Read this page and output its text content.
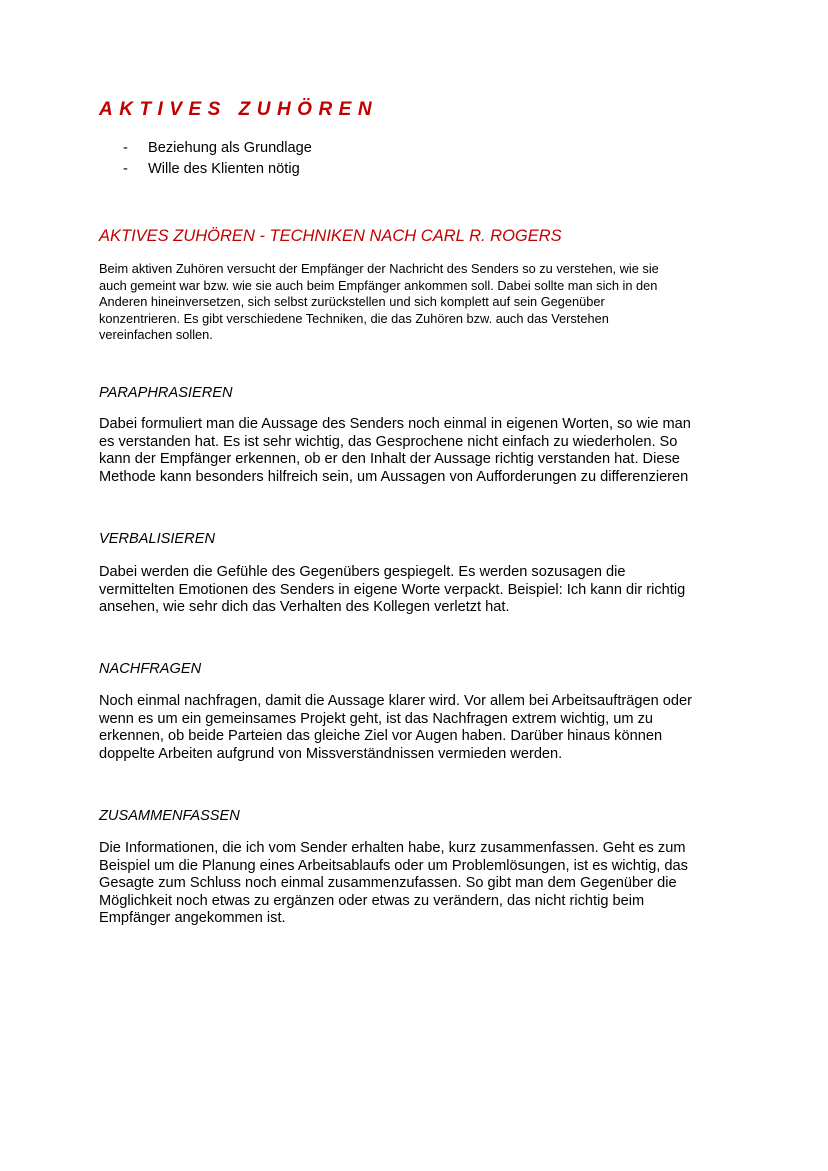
AKTIVES ZUHÖREN
- Beziehung als Grundlage
- Wille des Klienten nötig
AKTIVES ZUHÖREN - TECHNIKEN NACH CARL R. ROGERS

Beim aktiven Zuhören versucht der Empfänger der Nachricht des Senders so zu verstehen, wie sie
auch gemeint war bzw. wie sie auch beim Empfänger ankommen soll. Dabei sollte man sich in den
Anderen hineinversetzen, sich selbst zurückstellen und sich komplett auf sein Gegenüber
konzentrieren. Es gibt verschiedene Techniken, die das Zuhören bzw. auch das Verstehen
vereinfachen sollen.

PARAPHRASIEREN

Dabei formuliert man die Aussage des Senders noch einmal in eigenen Worten, so wie man
es verstanden hat. Es ist sehr wichtig, das Gesprochene nicht einfach zu wiederholen. So
kann der Empfänger erkennen, ob er den Inhalt der Aussage richtig verstanden hat. Diese
Methode kann besonders hilfreich sein, um Aussagen von Aufforderungen zu differenzieren

VERBALISIEREN

Dabei werden die Gefühle des Gegenübers gespiegelt. Es werden sozusagen die
vermittelten Emotionen des Senders in eigene Worte verpackt. Beispiel: Ich kann dir richtig
ansehen, wie sehr dich das Verhalten des Kollegen verletzt hat.

NACHFRAGEN

Noch einmal nachfragen, damit die Aussage klarer wird. Vor allem bei Arbeitsaufträgen oder
wenn es um ein gemeinsames Projekt geht, ist das Nachfragen extrem wichtig, um zu
erkennen, ob beide Parteien das gleiche Ziel vor Augen haben. Darüber hinaus können
doppelte Arbeiten aufgrund von Missverständnissen vermieden werden.

ZUSAMMENFASSEN

Die Informationen, die ich vom Sender erhalten habe, kurz zusammenfassen. Geht es zum
Beispiel um die Planung eines Arbeitsablaufs oder um Problemlösungen, ist es wichtig, das
Gesagte zum Schluss noch einmal zusammenzufassen. So gibt man dem Gegenüber die
Möglichkeit noch etwas zu ergänzen oder etwas zu verändern, das nicht richtig beim
Empfänger angekommen ist.
